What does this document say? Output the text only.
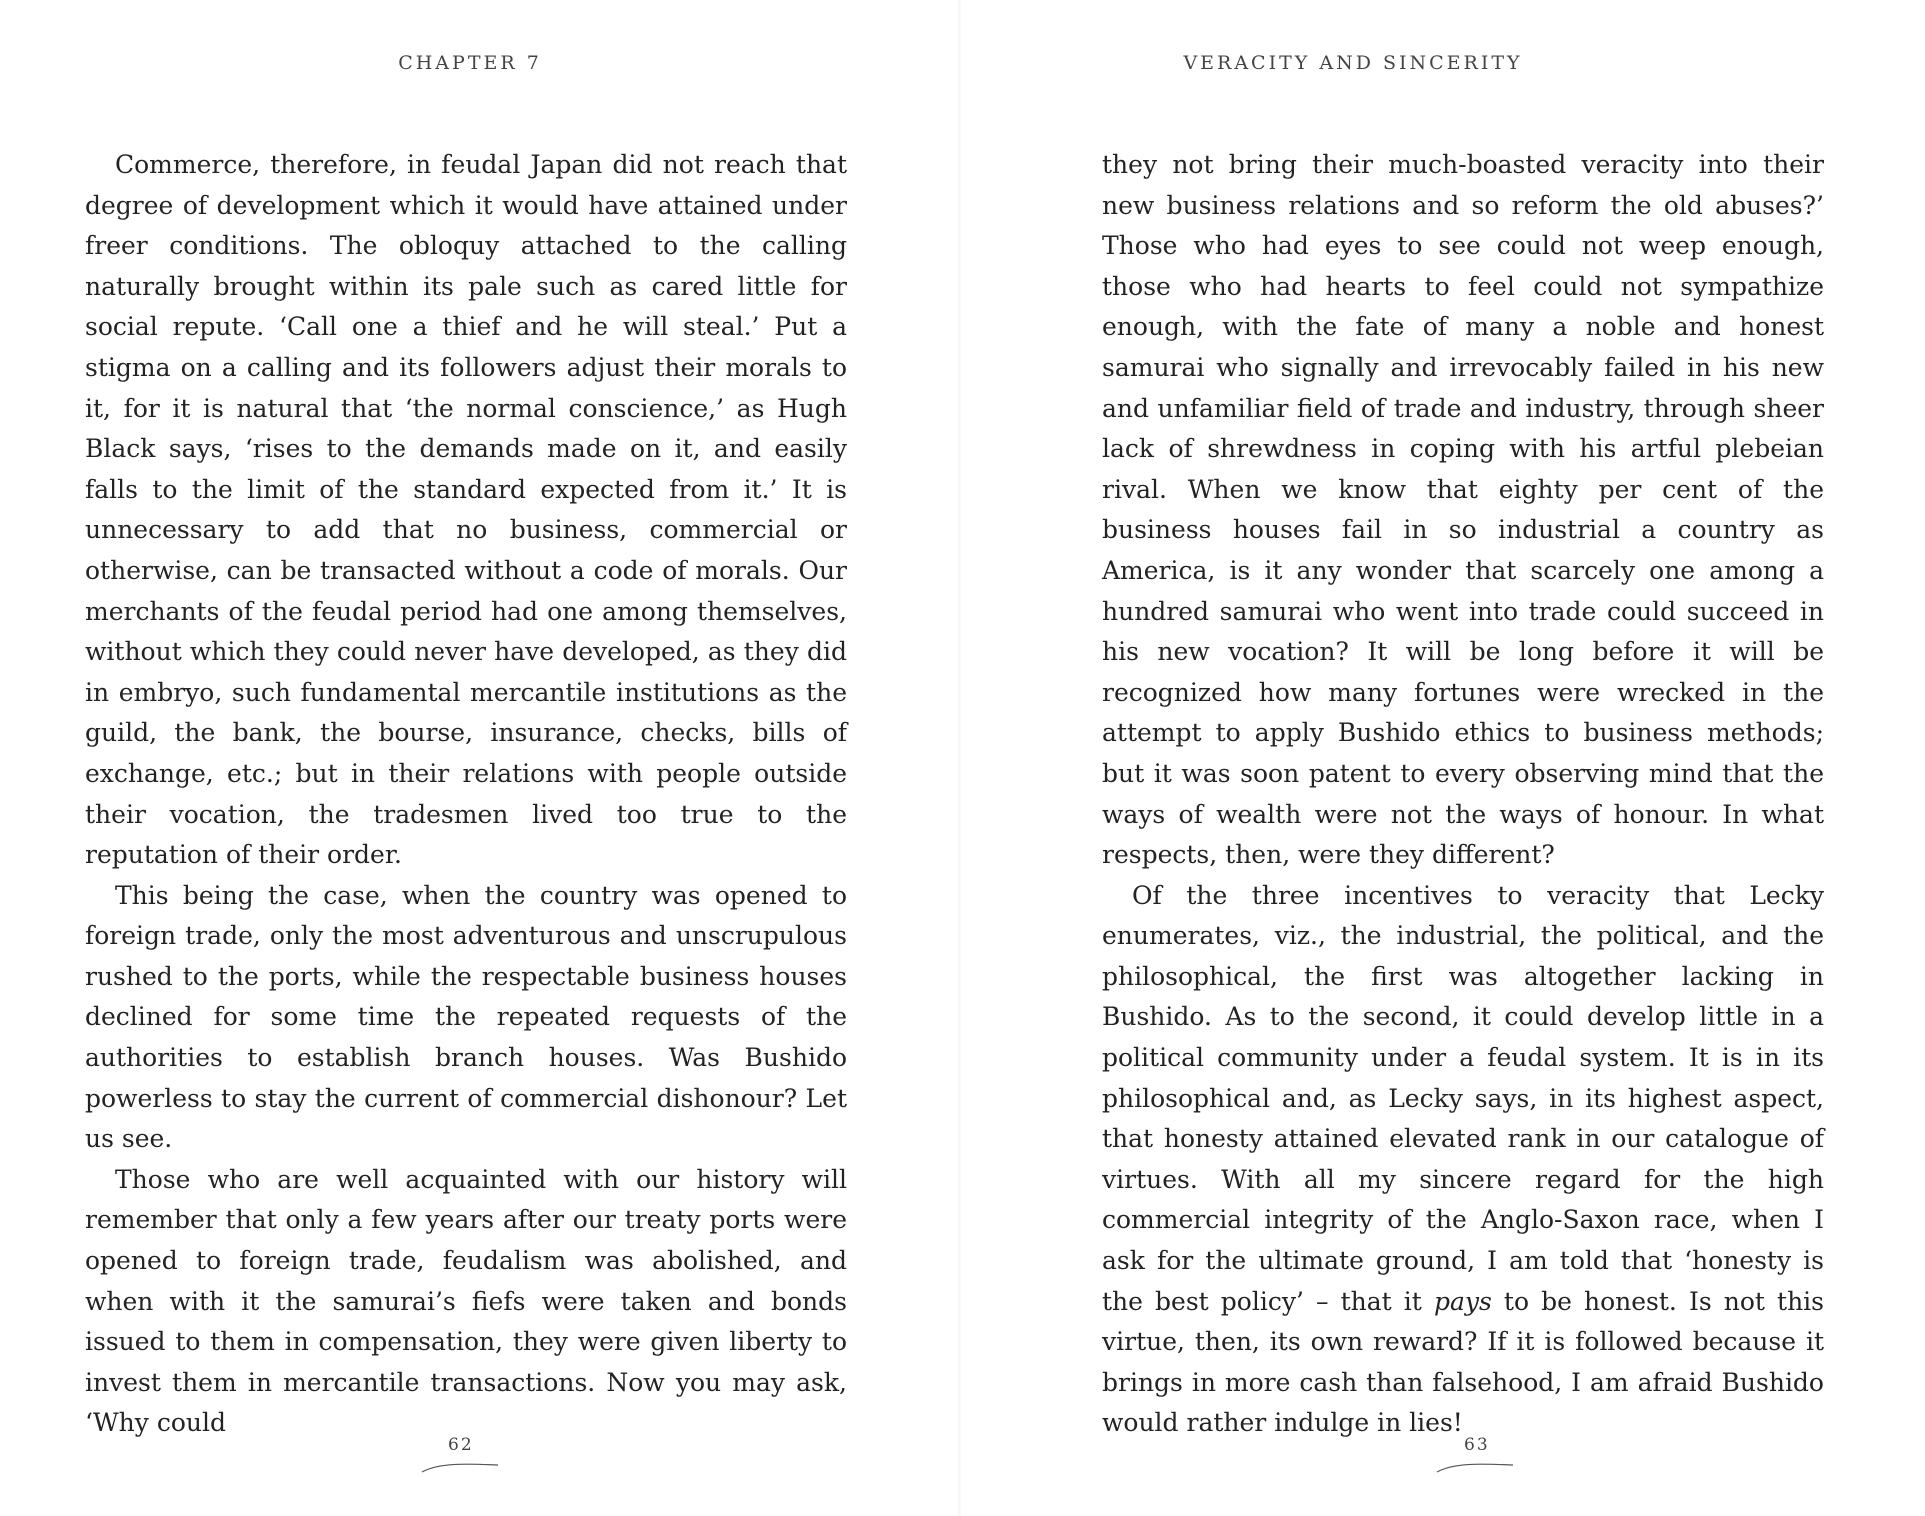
CHAPTER 7

Commerce, therefore, in feudal Japan did not reach that degree of development which it would have attained under freer conditions. The obloquy attached to the calling naturally brought within its pale such as cared little for social repute. ‘Call one a thief and he will steal.’ Put a stigma on a calling and its followers adjust their morals to it, for it is natural that ‘the normal conscience,’ as Hugh Black says, ‘rises to the demands made on it, and easily falls to the limit of the standard expected from it.’ It is unnecessary to add that no business, commercial or otherwise, can be transacted without a code of morals. Our merchants of the feudal period had one among themselves, without which they could never have developed, as they did in embryo, such fundamental mercantile institutions as the guild, the bank, the bourse, insurance, checks, bills of exchange, etc.; but in their relations with people outside their vocation, the tradesmen lived too true to the reputation of their order.

This being the case, when the country was opened to foreign trade, only the most adventurous and unscrupulous rushed to the ports, while the respectable business houses declined for some time the repeated requests of the authorities to establish branch houses. Was Bushido powerless to stay the current of commercial dishonour? Let us see.

Those who are well acquainted with our history will remember that only a few years after our treaty ports were opened to foreign trade, feudalism was abolished, and when with it the samurai’s fiefs were taken and bonds issued to them in compensation, they were given liberty to invest them in mercantile transactions. Now you may ask, ‘Why could

62
VERACITY AND SINCERITY

they not bring their much-boasted veracity into their new business relations and so reform the old abuses?’ Those who had eyes to see could not weep enough, those who had hearts to feel could not sympathize enough, with the fate of many a noble and honest samurai who signally and irrevocably failed in his new and unfamiliar field of trade and industry, through sheer lack of shrewdness in coping with his artful plebeian rival. When we know that eighty per cent of the business houses fail in so industrial a country as America, is it any wonder that scarcely one among a hundred samurai who went into trade could succeed in his new vocation? It will be long before it will be recognized how many fortunes were wrecked in the attempt to apply Bushido ethics to business methods; but it was soon patent to every observing mind that the ways of wealth were not the ways of honour. In what respects, then, were they different?

Of the three incentives to veracity that Lecky enumerates, viz., the industrial, the political, and the philosophical, the first was altogether lacking in Bushido. As to the second, it could develop little in a political community under a feudal system. It is in its philosophical and, as Lecky says, in its highest aspect, that honesty attained elevated rank in our catalogue of virtues. With all my sincere regard for the high commercial integrity of the Anglo-Saxon race, when I ask for the ultimate ground, I am told that ‘honesty is the best policy’ – that it pays to be honest. Is not this virtue, then, its own reward? If it is followed because it brings in more cash than falsehood, I am afraid Bushido would rather indulge in lies!

63
